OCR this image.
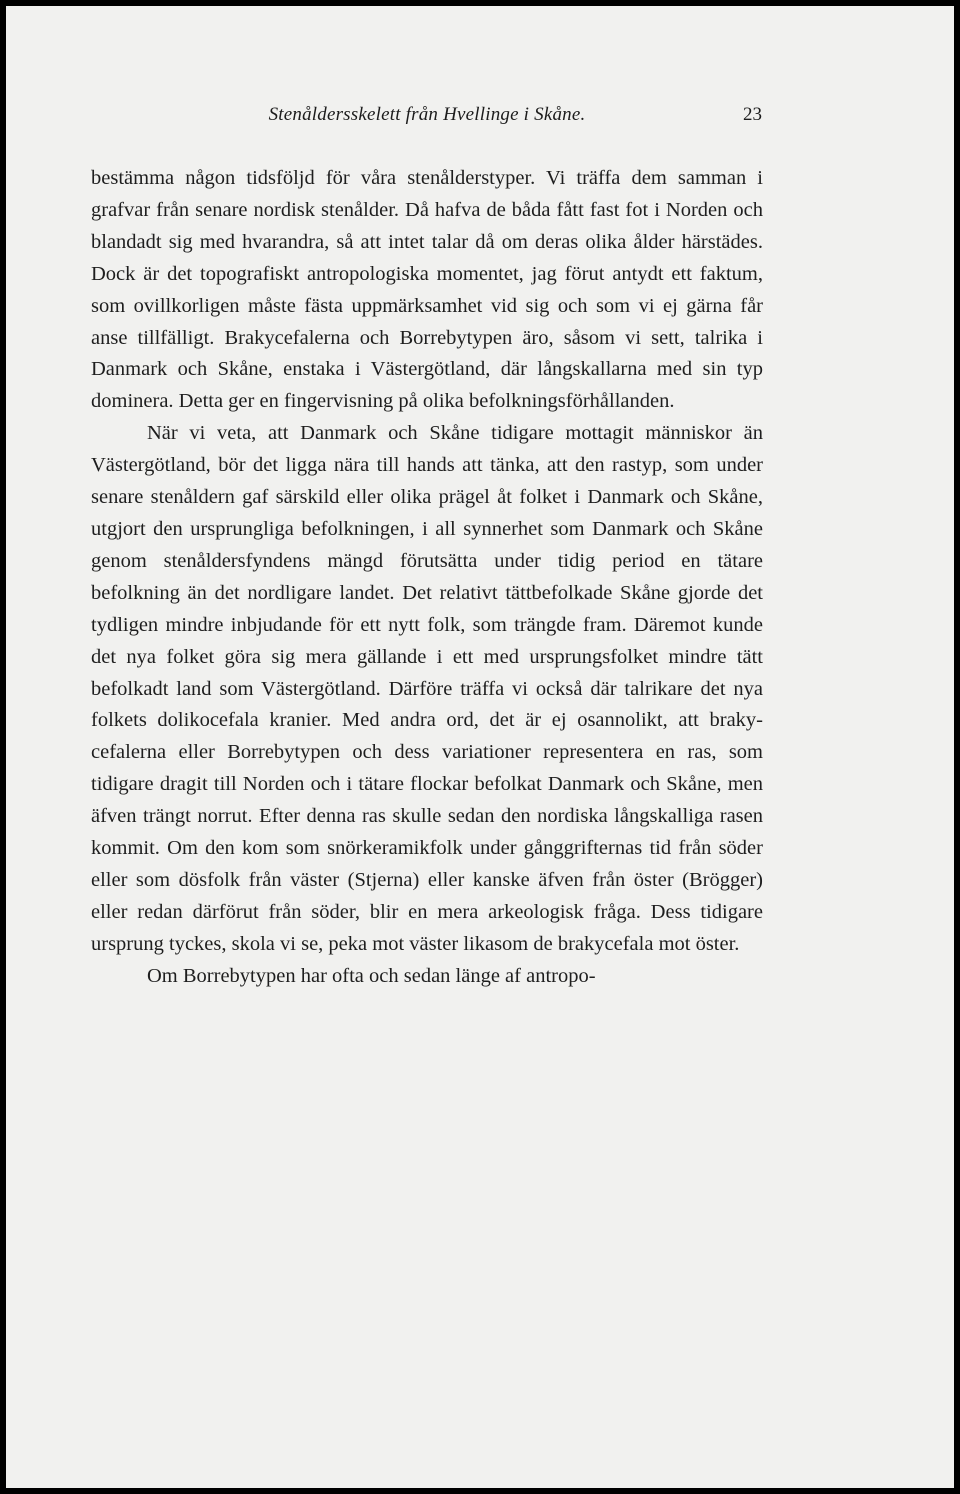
Stenåldersskelett från Hvellinge i Skåne.	23

bestämma någon tidsföljd för våra stenålderstyper. Vi träffa dem samman i grafvar från senare nordisk stenålder. Då hafva de båda fått fast fot i Norden och blandadt sig med hvarandra, så att intet talar då om deras olika ålder härstädes. Dock är det topografiskt antropologiska momentet, jag förut antydt ett faktum, som ovillkorligen måste fästa uppmärksamhet vid sig och som vi ej gärna får anse tillfälligt. Brakycefalerna och Borrebytypen äro, såsom vi sett, talrika i Danmark och Skåne, enstaka i Västergötland, där långskallarna med sin typ dominera. Detta ger en fingervisning på olika befolkningsförhållanden.

När vi veta, att Danmark och Skåne tidigare mottagit människor än Västergötland, bör det ligga nära till hands att tänka, att den rastyp, som under senare stenåldern gaf särskild eller olika prägel åt folket i Danmark och Skåne, utgjort den ursprungliga befolkningen, i all synnerhet som Danmark och Skåne genom stenåldersfyndens mängd förutsätta under tidig period en tätare befolkning än det nordligare landet. Det relativt tättbefolkade Skåne gjorde det tydligen mindre inbjudande för ett nytt folk, som trängde fram. Däremot kunde det nya folket göra sig mera gällande i ett med ursprungsfolket mindre tätt befolkadt land som Västergötland. Därföre träffa vi också där talrikare det nya folkets dolikocefala kranier. Med andra ord, det är ej osannolikt, att brakycefalerna eller Borrebytypen och dess variationer representera en ras, som tidigare dragit till Norden och i tätare flockar befolkat Danmark och Skåne, men äfven trängt norrut. Efter denna ras skulle sedan den nordiska långskalliga rasen kommit. Om den kom som snörkeramikfolk under gånggrifternas tid från söder eller som dösfolk från väster (Stjerna) eller kanske äfven från öster (Brögger) eller redan därförut från söder, blir en mera arkeologisk fråga. Dess tidigare ursprung tyckes, skola vi se, peka mot väster likasom de brakycefala mot öster.

Om Borrebytypen har ofta och sedan länge af antropo-
